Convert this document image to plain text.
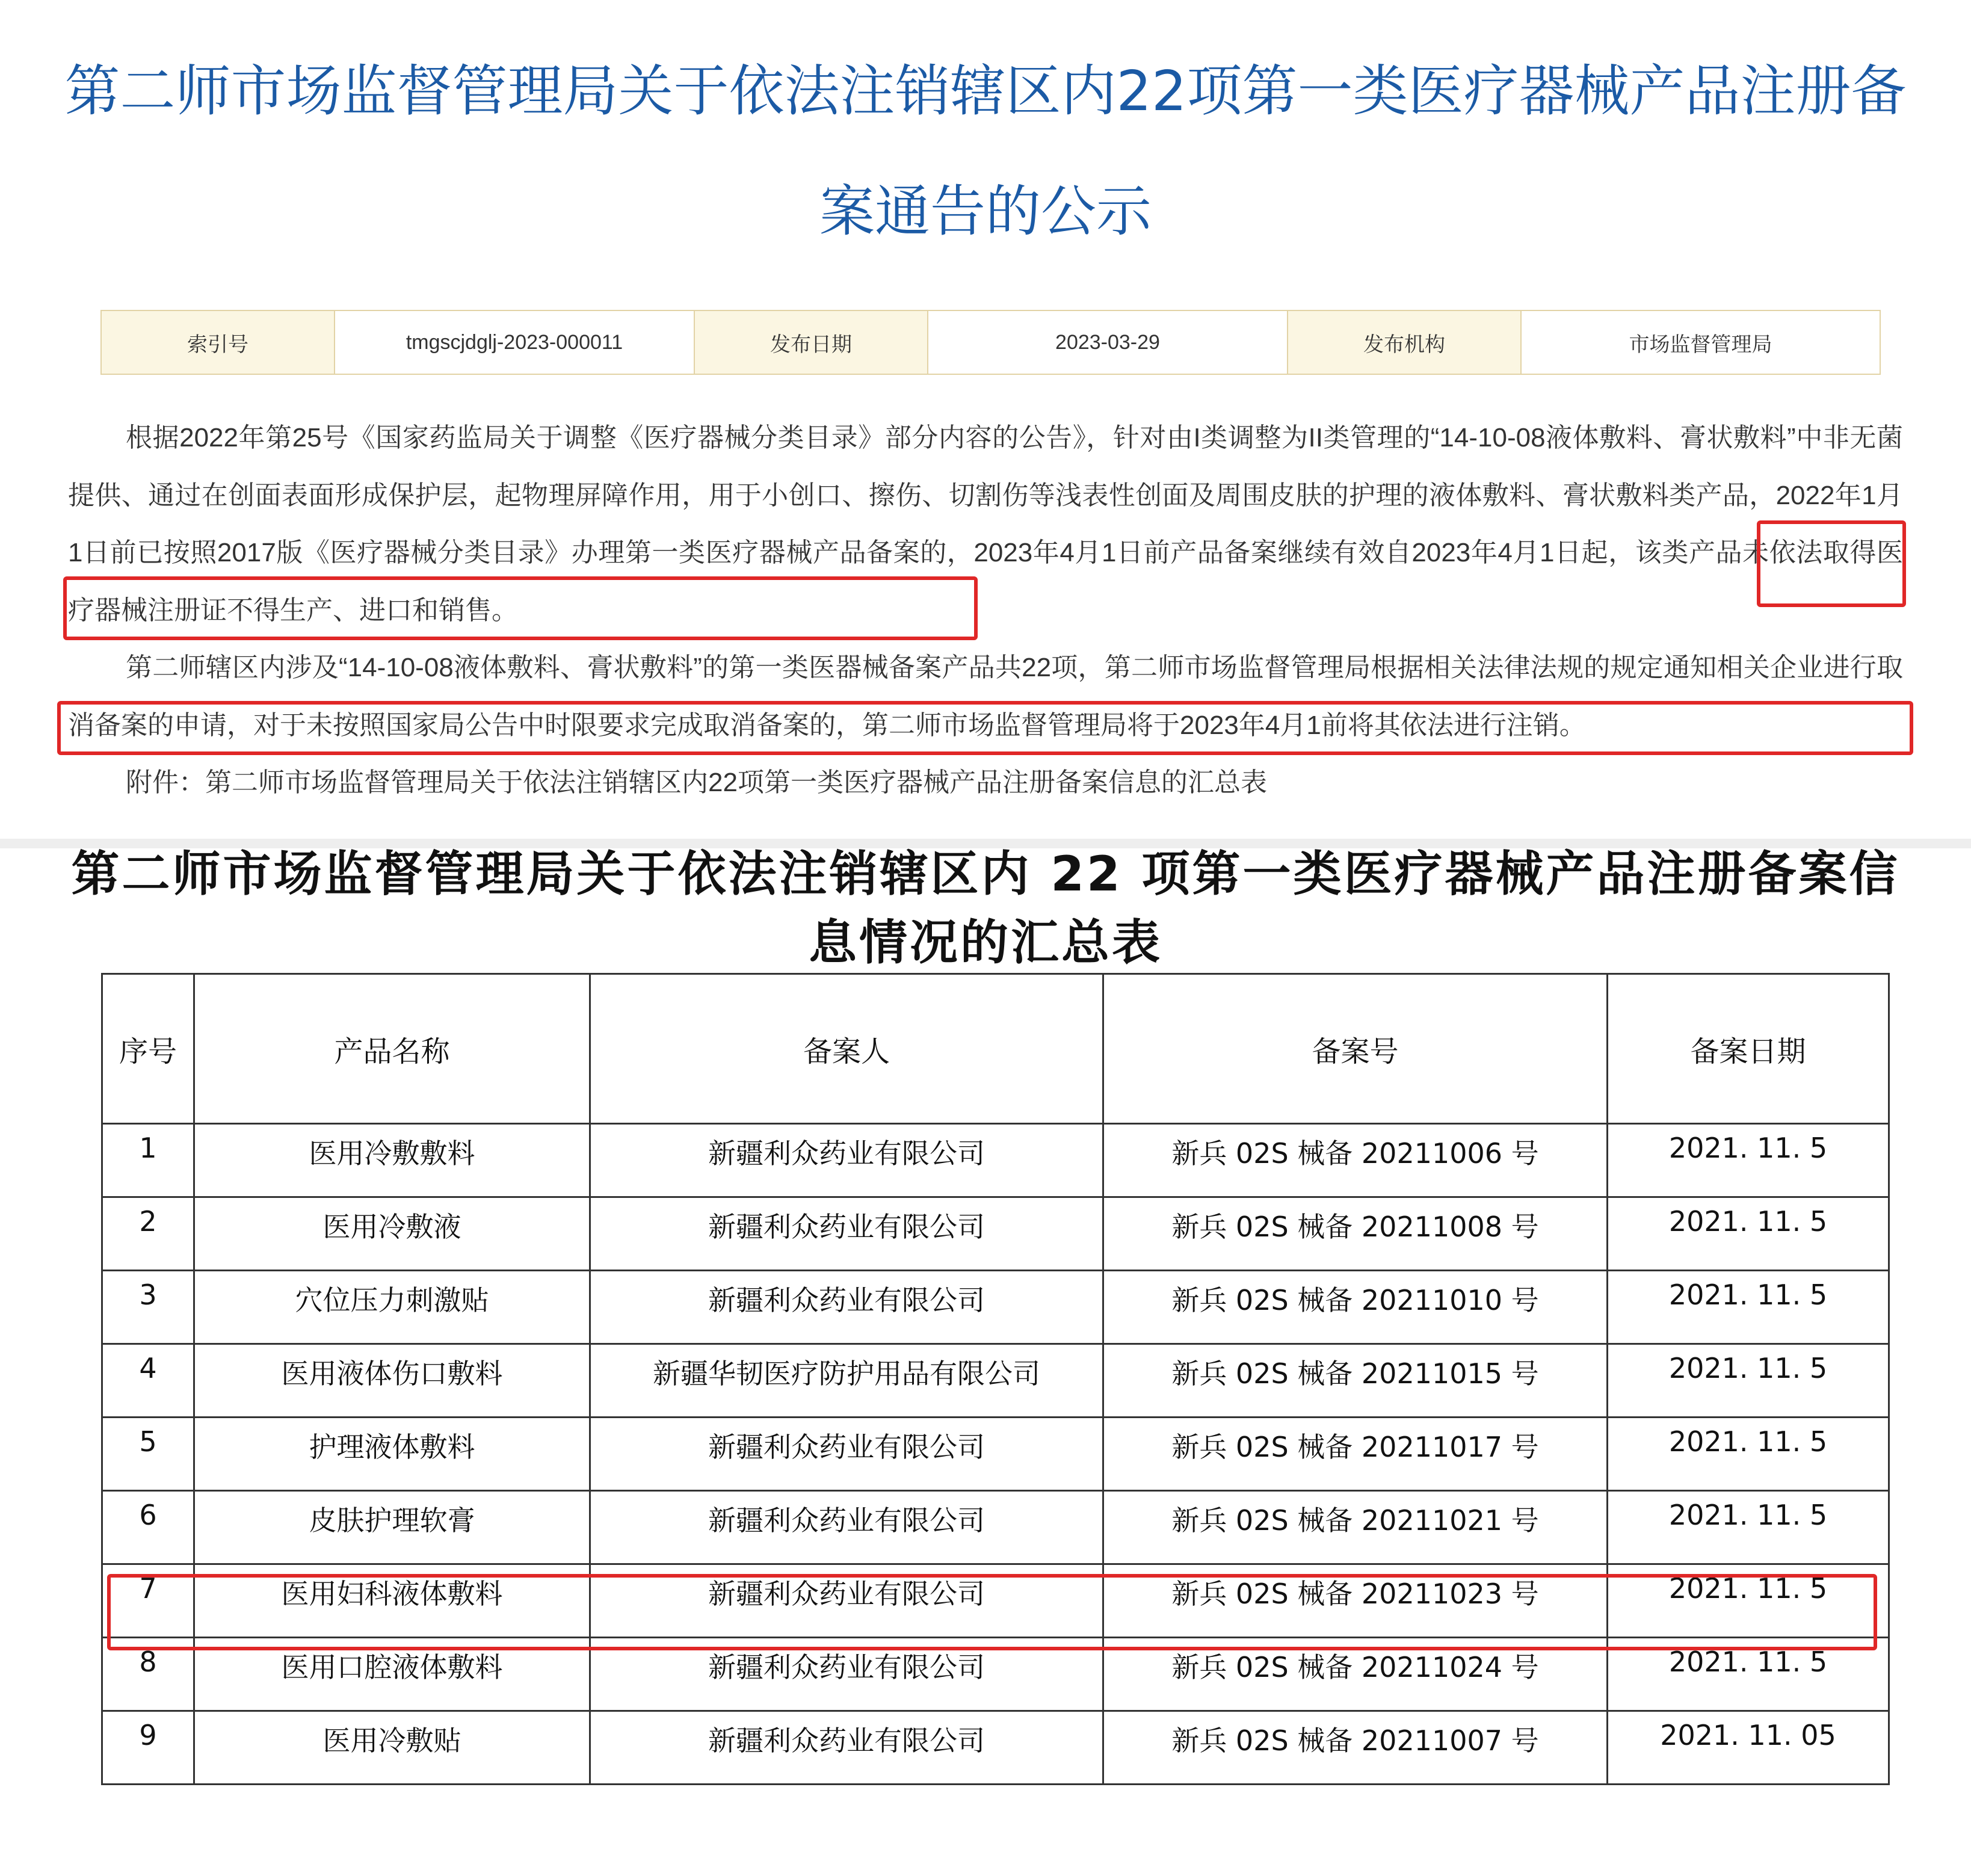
第二师市场监督管理局关于依法注销辖区内22项第一类医疗器械产品注册备案通告的公示
索引号	tmgscjdglj-2023-000011	发布日期	2023-03-29	发布机构	市场监督管理局

根据2022年第25号《国家药监局关于调整《医疗器械分类目录》部分内容的公告》，针对由I类调整为II类管理的“14-10-08液体敷料、膏状敷料”中非无菌提供、通过在创面表面形成保护层，起物理屏障作用，用于小创口、擦伤、切割伤等浅表性创面及周围皮肤的护理的液体敷料、膏状敷料类产品，2022年1月1日前已按照2017版《医疗器械分类目录》办理第一类医疗器械产品备案的，2023年4月1日前产品备案继续有效自2023年4月1日起，该类产品未依法取得医疗器械注册证不得生产、进口和销售。

第二师辖区内涉及“14-10-08液体敷料、膏状敷料”的第一类医器械备案产品共22项，第二师市场监督管理局根据相关法律法规的规定通知相关企业进行取消备案的申请，对于未按照国家局公告中时限要求完成取消备案的，第二师市场监督管理局将于2023年4月1前将其依法进行注销。

附件：第二师市场监督管理局关于依法注销辖区内22项第一类医疗器械产品注册备案信息的汇总表

第二师市场监督管理局关于依法注销辖区内 22 项第一类医疗器械产品注册备案信息情况的汇总表
序号	产品名称	备案人	备案号	备案日期
1	医用冷敷敷料	新疆利众药业有限公司	新兵 02S 械备 20211006 号	2021. 11. 5
2	医用冷敷液	新疆利众药业有限公司	新兵 02S 械备 20211008 号	2021. 11. 5
3	穴位压力刺激贴	新疆利众药业有限公司	新兵 02S 械备 20211010 号	2021. 11. 5
4	医用液体伤口敷料	新疆华韧医疗防护用品有限公司	新兵 02S 械备 20211015 号	2021. 11. 5
5	护理液体敷料	新疆利众药业有限公司	新兵 02S 械备 20211017 号	2021. 11. 5
6	皮肤护理软膏	新疆利众药业有限公司	新兵 02S 械备 20211021 号	2021. 11. 5
7	医用妇科液体敷料	新疆利众药业有限公司	新兵 02S 械备 20211023 号	2021. 11. 5
8	医用口腔液体敷料	新疆利众药业有限公司	新兵 02S 械备 20211024 号	2021. 11. 5
9	医用冷敷贴	新疆利众药业有限公司	新兵 02S 械备 20211007 号	2021. 11. 05
